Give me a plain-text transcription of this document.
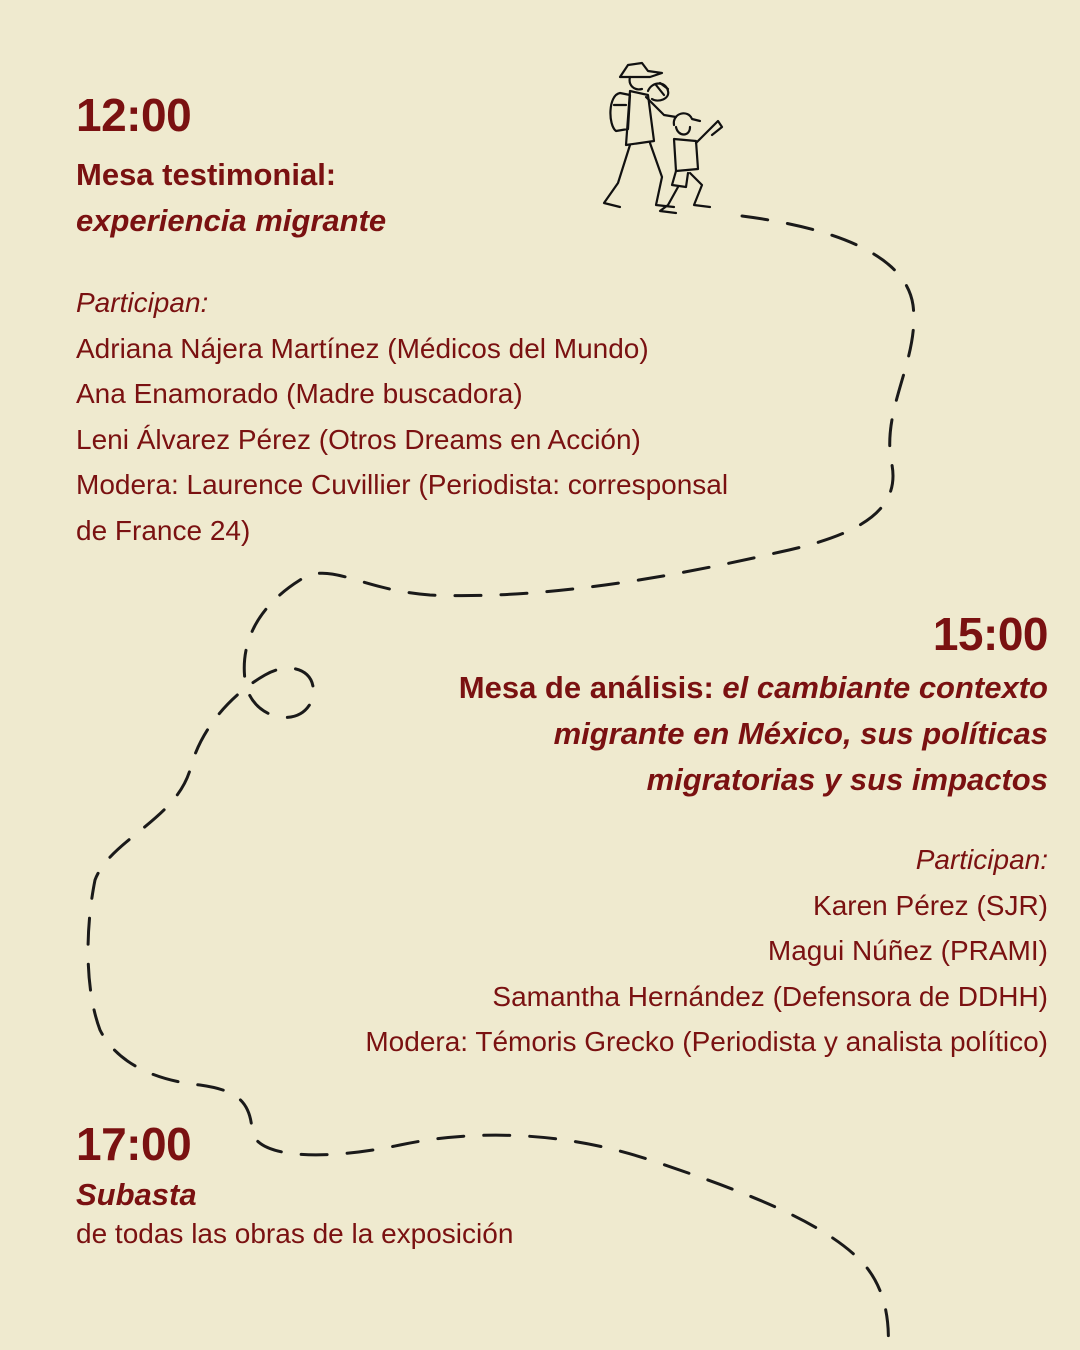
12:00
Mesa testimonial:
experiencia migrante
Participan:
Adriana Nájera Martínez (Médicos del Mundo)
Ana Enamorado (Madre buscadora)
Leni Álvarez Pérez (Otros Dreams en Acción)
Modera: Laurence Cuvillier (Periodista: corresponsal
de France 24)
15:00
Mesa de análisis: el cambiante contexto
migrante en México, sus políticas
migratorias y sus impactos
Participan:
Karen Pérez (SJR)
Magui Núñez (PRAMI)
Samantha Hernández (Defensora de DDHH)
Modera: Témoris Grecko (Periodista y analista político)
17:00
Subasta
de todas las obras de la exposición
